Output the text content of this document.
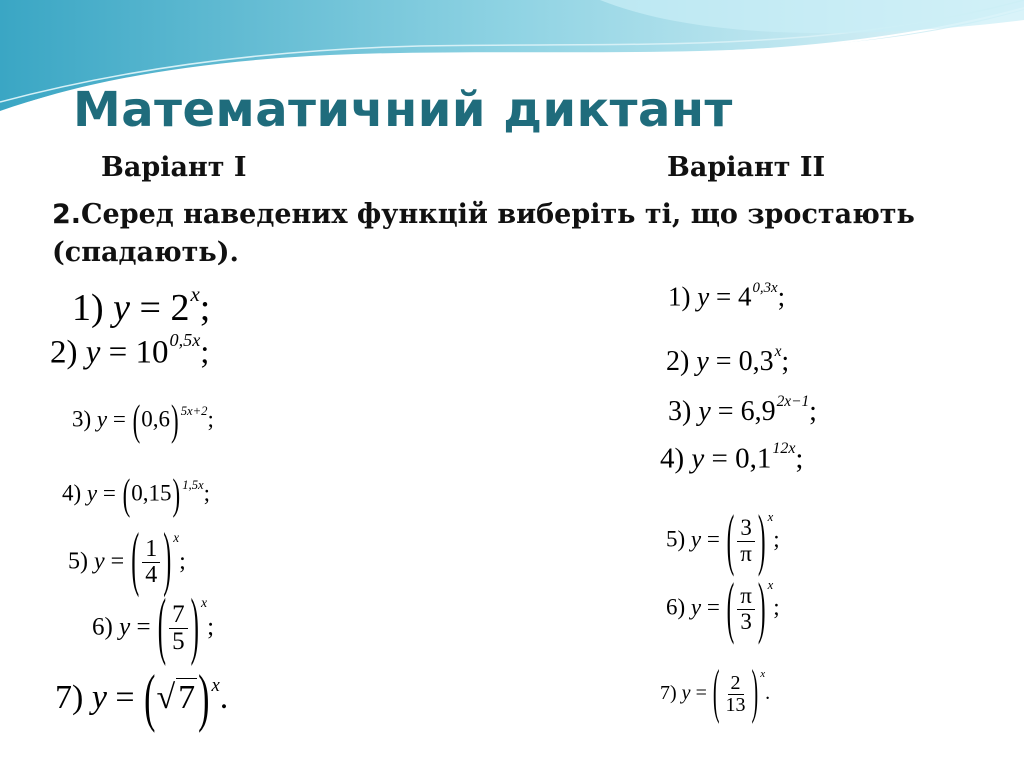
Математичний диктант
Варіант І	Варіант ІІ
2.Серед наведених функцій виберіть ті, що зростають (спадають).
1) $y = 2^x$;
2) $y = 10^{0,5x}$;
3) y = (0,6) $^{5x+2}$;
4) y = (0,15) $^{1,5x}$;
5) y = ( $\frac{1}{4}$ ) $^x$;
6) y = ( $\frac{7}{5}$ ) $^x$;
7) y = (√7) $^x$.
1) $y = 4^{0,3x}$;
2) $y = 0,3^x$;
3) $y = 6,9^{2x-1}$;
4) $y = 0,1^{12x}$;
5) y = ( $\frac{3}{\pi}$ ) $^x$;
6) y = ( $\frac{\pi}{3}$ ) $^x$;
7) y = ( $\frac{2}{13}$ ) $^x$.
